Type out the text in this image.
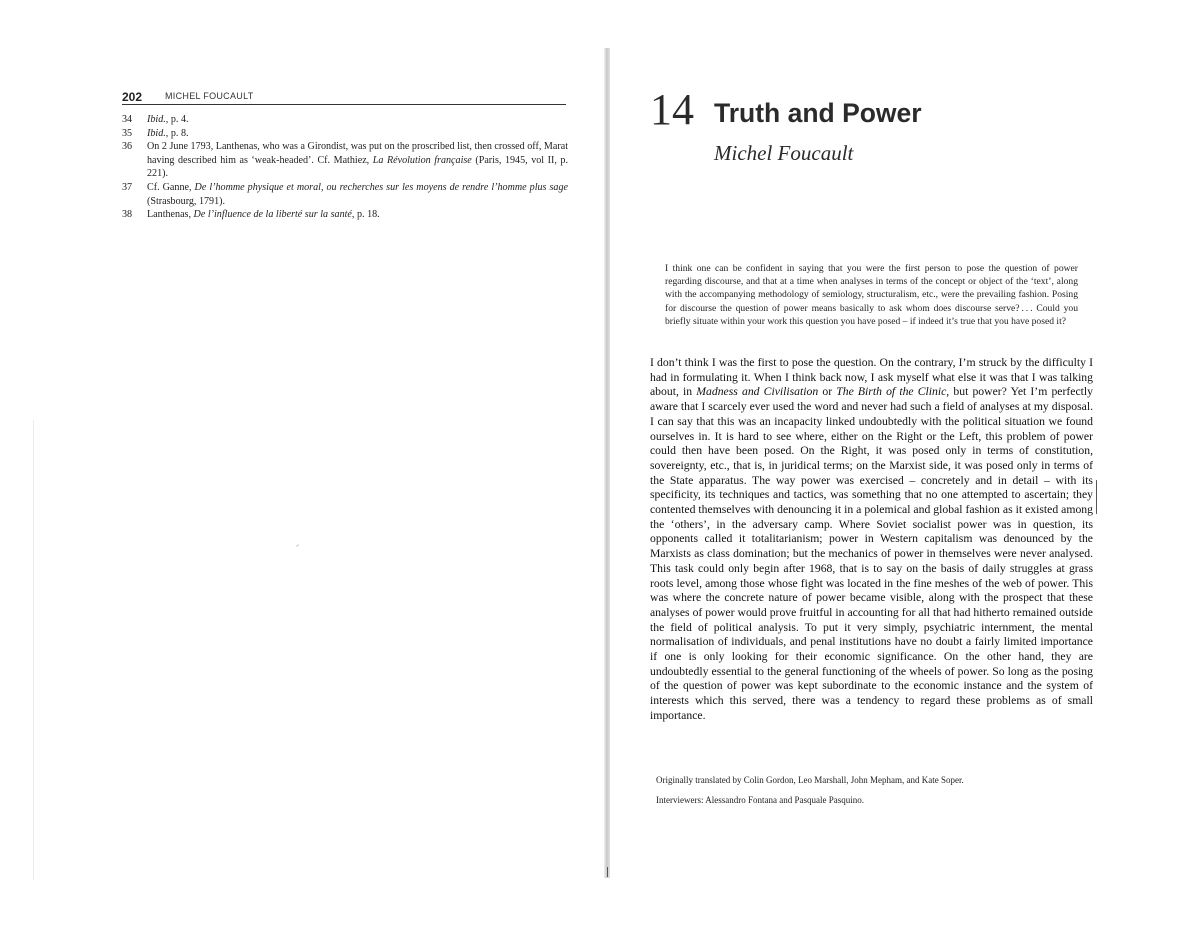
202	MICHEL FOUCAULT
34	Ibid., p. 4.
35	Ibid., p. 8.
36	On 2 June 1793, Lanthenas, who was a Girondist, was put on the proscribed list, then crossed off, Marat having described him as ‘weak-headed’. Cf. Mathiez, La Révolution française (Paris, 1945, vol II, p. 221).
37	Cf. Ganne, De l’homme physique et moral, ou recherches sur les moyens de rendre l’homme plus sage (Strasbourg, 1791).
38	Lanthenas, De l’influence de la liberté sur la santé, p. 18.
14 Truth and Power
Michel Foucault

I think one can be confident in saying that you were the first person to pose the question of power regarding discourse, and that at a time when analyses in terms of the concept or object of the ‘text’, along with the accompanying methodology of semiology, structuralism, etc., were the prevailing fashion. Posing for discourse the question of power means basically to ask whom does discourse serve? . . . Could you briefly situate within your work this question you have posed – if indeed it’s true that you have posed it?

I don’t think I was the first to pose the question. On the contrary, I’m struck by the difficulty I had in formulating it. When I think back now, I ask myself what else it was that I was talking about, in Madness and Civilisation or The Birth of the Clinic, but power? Yet I’m perfectly aware that I scarcely ever used the word and never had such a field of analyses at my disposal. I can say that this was an incapacity linked undoubtedly with the political situation we found ourselves in. It is hard to see where, either on the Right or the Left, this problem of power could then have been posed. On the Right, it was posed only in terms of constitution, sovereignty, etc., that is, in juridical terms; on the Marxist side, it was posed only in terms of the State apparatus. The way power was exercised – concretely and in detail – with its specificity, its techniques and tactics, was something that no one attempted to ascertain; they contented themselves with denouncing it in a polemical and global fashion as it existed among the ‘others’, in the adversary camp. Where Soviet socialist power was in question, its opponents called it totalitarianism; power in Western capitalism was denounced by the Marxists as class domination; but the mechanics of power in themselves were never analysed. This task could only begin after 1968, that is to say on the basis of daily struggles at grass roots level, among those whose fight was located in the fine meshes of the web of power. This was where the concrete nature of power became visible, along with the prospect that these analyses of power would prove fruitful in accounting for all that had hitherto remained outside the field of political analysis. To put it very simply, psychiatric internment, the mental normalisation of individuals, and penal institutions have no doubt a fairly limited importance if one is only looking for their economic significance. On the other hand, they are undoubtedly essential to the general functioning of the wheels of power. So long as the posing of the question of power was kept subordinate to the economic instance and the system of interests which this served, there was a tendency to regard these problems as of small importance.

Originally translated by Colin Gordon, Leo Marshall, John Mepham, and Kate Soper.

Interviewers: Alessandro Fontana and Pasquale Pasquino.
